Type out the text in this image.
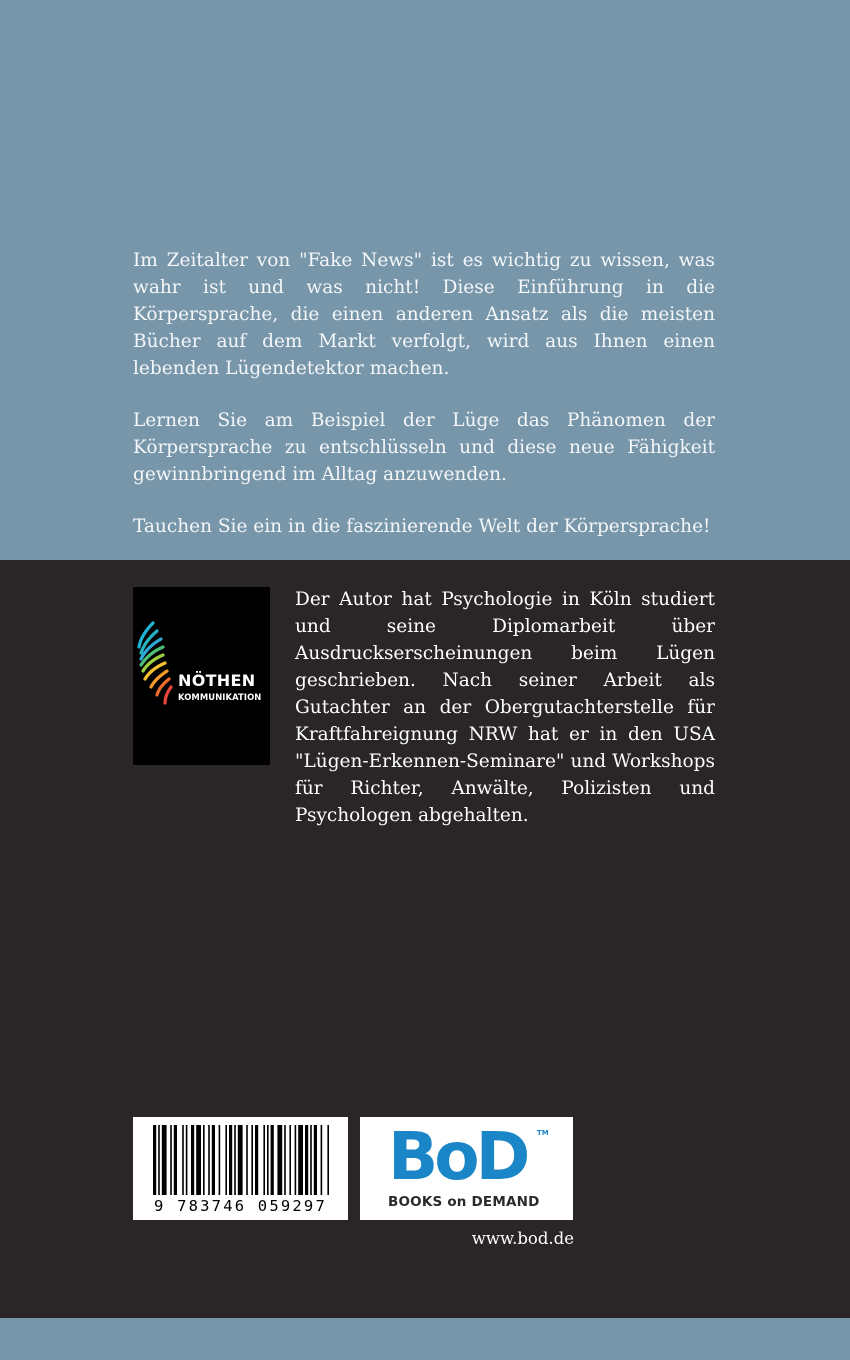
Im Zeitalter von "Fake News" ist es wichtig zu wissen, was wahr ist und was nicht! Diese Einführung in die Körpersprache, die einen anderen Ansatz als die meisten Bücher auf dem Markt verfolgt, wird aus Ihnen einen lebenden Lügendetektor machen.

Lernen Sie am Beispiel der Lüge das Phänomen der Körpersprache zu entschlüsseln und diese neue Fähigkeit gewinnbringend im Alltag anzuwenden.

Tauchen Sie ein in die faszinierende Welt der Körpersprache!

NÖTHEN
KOMMUNIKATION

Der Autor hat Psychologie in Köln studiert und seine Diplomarbeit über Ausdruckserscheinungen beim Lügen geschrieben. Nach seiner Arbeit als Gutachter an der Obergutachterstelle für Kraftfahreignung NRW hat er in den USA "Lügen-Erkennen-Seminare" und Workshops für Richter, Anwälte, Polizisten und Psychologen abgehalten.

9 783746 059297
BoD TM
BOOKS on DEMAND
www.bod.de
